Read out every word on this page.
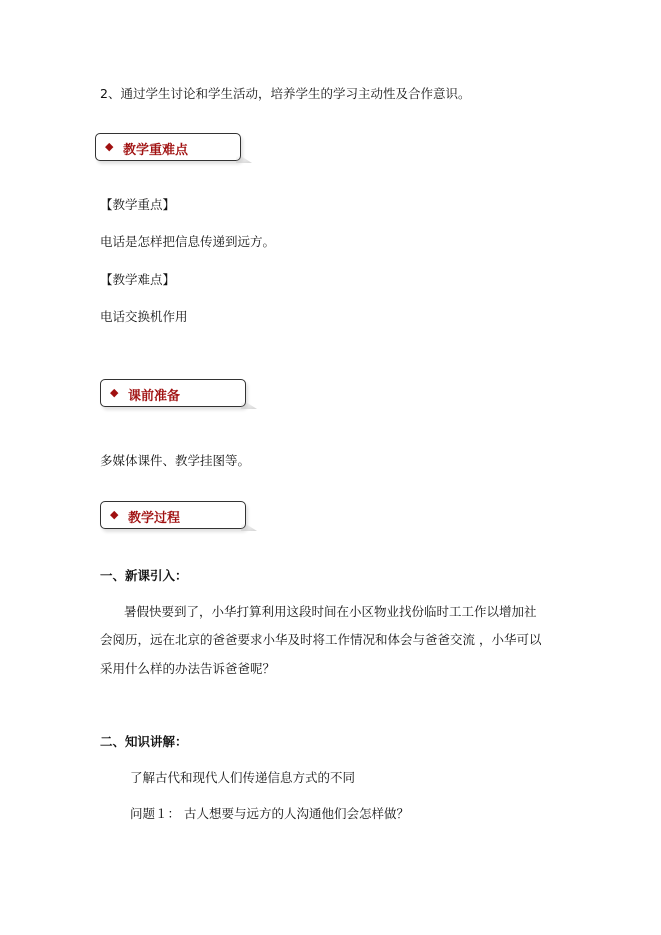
2、通过学生讨论和学生活动，培养学生的学习主动性及合作意识。
◆ 教学重难点
【教学重点】
电话是怎样把信息传递到远方。
【教学难点】
电话交换机作用
◆ 课前准备
多媒体课件、教学挂图等。
◆ 教学过程
一、新课引入：
暑假快要到了，小华打算利用这段时间在小区物业找份临时工工作以增加社
会阅历，远在北京的爸爸要求小华及时将工作情况和体会与爸爸交流 ，小华可以
采用什么样的办法告诉爸爸呢？
二、知识讲解：
了解古代和现代人们传递信息方式的不同
问题１： 古人想要与远方的人沟通他们会怎样做？
